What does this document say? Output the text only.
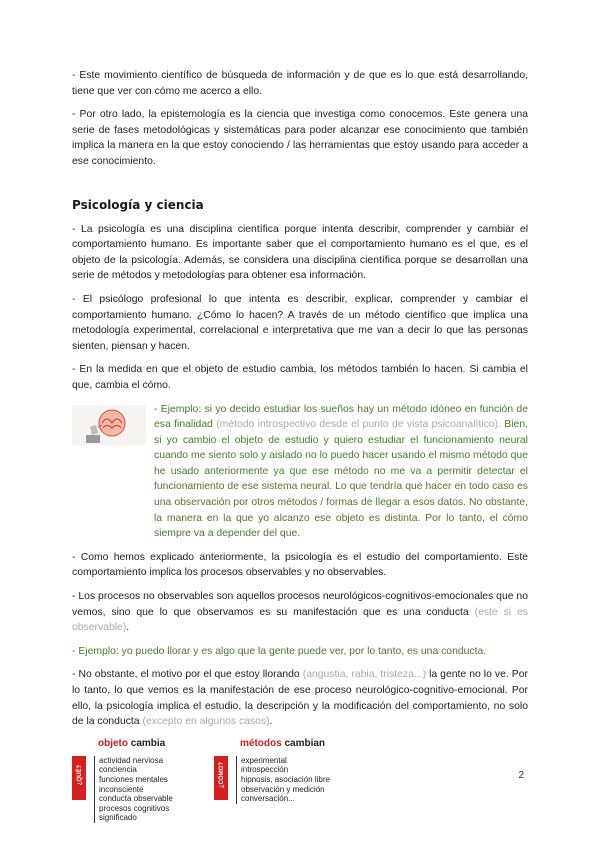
- Este movimiento científico de búsqueda de información y de que es lo que está desarrollando, tiene que ver con cómo me acerco a ello.

- Por otro lado, la epistemología es la ciencia que investiga como conocemos. Este genera una serie de fases metodológicas y sistemáticas para poder alcanzar ese conocimiento que también implica la manera en la que estoy conociendo / las herramientas que estoy usando para acceder a ese conocimiento.

Psicología y ciencia

- La psicología es una disciplina científica porque intenta describir, comprender y cambiar el comportamiento humano. Es importante saber que el comportamiento humano es el que, es el objeto de la psicología. Además, se considera una disciplina científica porque se desarrollan una serie de métodos y metodologías para obtener esa información.

- El psicólogo profesional lo que intenta es describir, explicar, comprender y cambiar el comportamiento humano. ¿Cómo lo hacen? A través de un método científico que implica una metodología experimental, correlacional e interpretativa que me van a decir lo que las personas sienten, piensan y hacen.

- En la medida en que el objeto de estudio cambia, los métodos también lo hacen. Si cambia el que, cambia el cómo.

- Ejemplo: si yo decido estudiar los sueños hay un método idóneo en función de esa finalidad (método introspectivo desde el punto de vista psicoanalítico). Bien, si yo cambio el objeto de estudio y quiero estudiar el funcionamiento neural cuando me siento solo y aislado no lo puedo hacer usando el mismo método que he usado anteriormente ya que ese método no me va a permitir detectar el funcionamiento de ese sistema neural. Lo que tendría que hacer en todo caso es una observación por otros métodos / formas de llegar a esos datos. No obstante, la manera en la que yo alcanzo ese objeto es distinta. Por lo tanto, el cómo siempre va a depender del que.

- Como hemos explicado anteriormente, la psicología es el estudio del comportamiento. Este comportamiento implica los procesos observables y no observables.

- Los procesos no observables son aquellos procesos neurológicos-cognitivos-emocionales que no vemos, sino que lo que observamos es su manifestación que es una conducta (este si es observable).

- Ejemplo: yo puedo llorar y es algo que la gente puede ver, por lo tanto, es una conducta.

- No obstante, el motivo por el que estoy llorando (angustia, rabia, tristeza...) la gente no lo ve. Por lo tanto, lo que vemos es la manifestación de ese proceso neurológico-cognitivo-emocional. Por ello, la psicología implica el estudio, la descripción y la modificación del comportamiento, no solo de la conducta (excepto en algunos casos).

objeto cambia
¿QUÉ?
actividad nerviosa
conciencia
funciones mentales
inconsciente
conducta observable
procesos cognitivos
significado
métodos cambian
¿CÓMO?
experimental
introspección
hipnosis, asociación libre
observación y medición
conversación...
2
